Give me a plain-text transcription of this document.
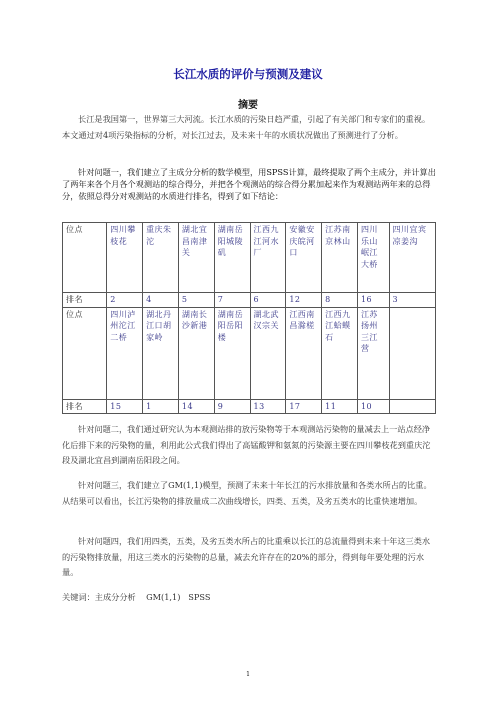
长江水质的评价与预测及建议
摘要
长江是我国第一，世界第三大河流。长江水质的污染日趋严重，引起了有关部门和专家们的重视。本文通过对4项污染指标的分析，对长江过去，及未来十年的水质状况做出了预测进行了分析。
针对问题一，我们建立了主成分分析的数学模型，用SPSS计算，最终提取了两个主成分，并计算出了两年来各个月各个观测站的综合得分，并把各个观测站的综合得分累加起来作为观测站两年来的总得分，依照总得分对观测站的水质进行排名，得到了如下结论：
位点	四川攀枝花	重庆朱沱	湖北宜昌南津关	湖南岳阳城陵矶	江西九江河水厂	安徽安庆皖河口	江苏南京林山	四川乐山岷江大桥	四川宜宾凉姜沟
排名	2	4	5	7	6	12	8	16	3
位点	四川泸州沱江二桥	湖北丹江口胡家岭	湖南长沙新港	湖南岳阳岳阳楼	湖北武汉宗关	江西南昌滁槎	江西九江蛤蟆石	江苏扬州三江营	
排名	15	1	14	9	13	17	11	10	
针对问题二，我们通过研究认为本观测站排的放污染物等于本观测站污染物的量减去上一站点经净化后排下来的污染物的量，利用此公式我们得出了高锰酸钾和氨氮的污染源主要在四川攀枝花到重庆沱段及湖北宜昌到湖南岳阳段之间。
针对问题三，我们建立了GM(1,1)模型，预测了未来十年长江的污水排放量和各类水所占的比重。从结果可以看出，长江污染物的排放量成二次曲线增长，四类、五类，及劣五类水的比重快速增加。
针对问题四，我们用四类，五类，及劣五类水所占的比重乘以长江的总流量得到未来十年这三类水的污染物排放量，用这三类水的污染物的总量，减去允许存在的20%的部分，得到每年要处理的污水量。
关键词：主成分分析    GM(1,1)   SPSS
1
